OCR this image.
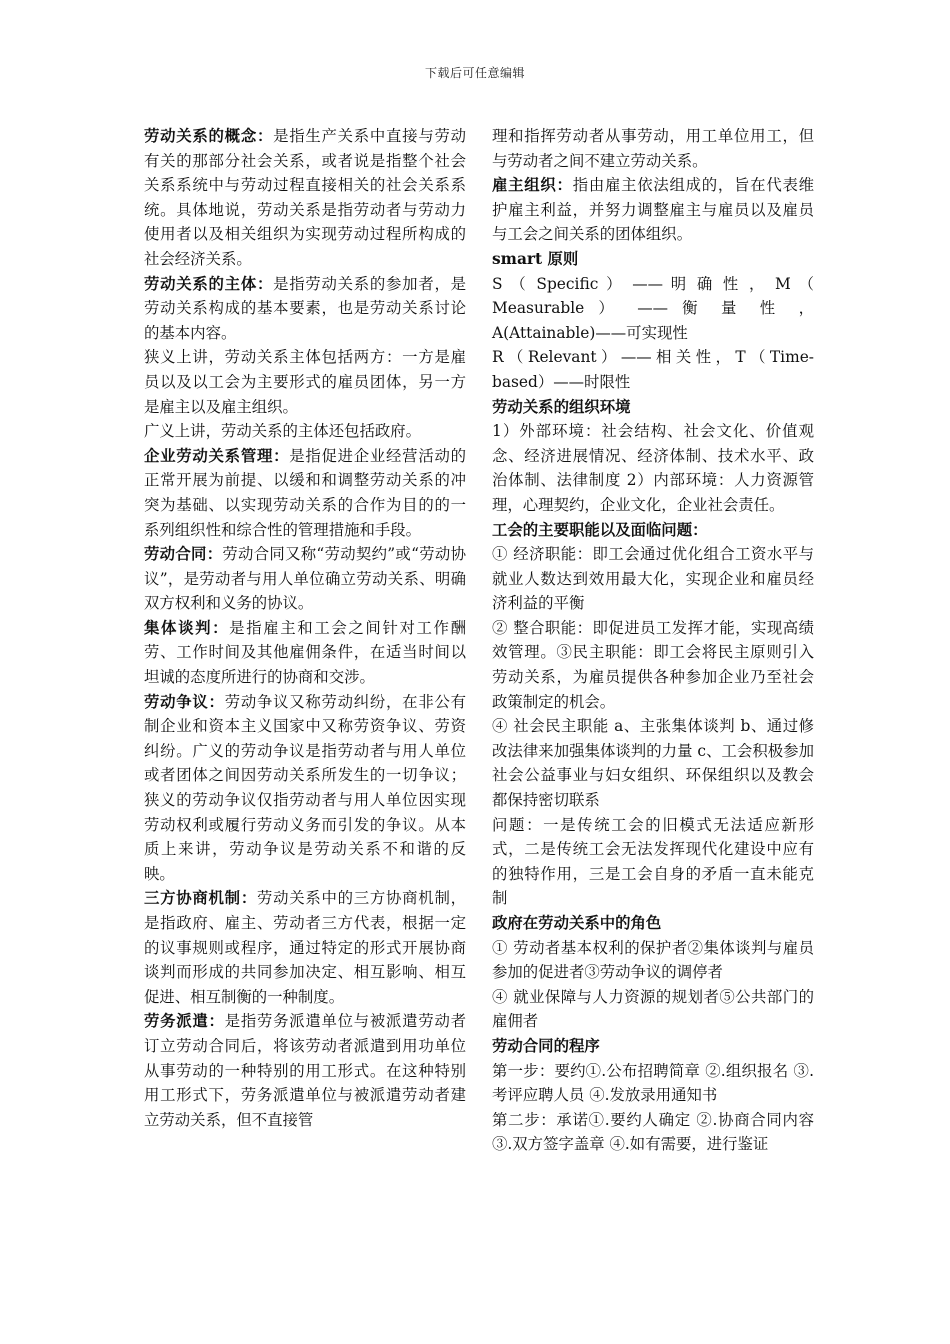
下载后可任意编辑

劳动关系的概念：是指生产关系中直接与劳动有关的那部分社会关系，或者说是指整个社会关系系统中与劳动过程直接相关的社会关系系统。具体地说，劳动关系是指劳动者与劳动力使用者以及相关组织为实现劳动过程所构成的社会经济关系。

劳动关系的主体：是指劳动关系的参加者，是劳动关系构成的基本要素，也是劳动关系讨论的基本内容。

狭义上讲，劳动关系主体包括两方：一方是雇员以及以工会为主要形式的雇员团体，另一方是雇主以及雇主组织。

广义上讲，劳动关系的主体还包括政府。

企业劳动关系管理：是指促进企业经营活动的正常开展为前提、以缓和和调整劳动关系的冲突为基础、以实现劳动关系的合作为目的的一系列组织性和综合性的管理措施和手段。

劳动合同：劳动合同又称“劳动契约”或“劳动协议”，是劳动者与用人单位确立劳动关系、明确双方权利和义务的协议。

集体谈判：是指雇主和工会之间针对工作酬劳、工作时间及其他雇佣条件，在适当时间以坦诚的态度所进行的协商和交涉。

劳动争议：劳动争议又称劳动纠纷，在非公有制企业和资本主义国家中又称劳资争议、劳资纠纷。广义的劳动争议是指劳动者与用人单位或者团体之间因劳动关系所发生的一切争议；狭义的劳动争议仅指劳动者与用人单位因实现劳动权利或履行劳动义务而引发的争议。从本质上来讲，劳动争议是劳动关系不和谐的反映。

三方协商机制：劳动关系中的三方协商机制，是指政府、雇主、劳动者三方代表，根据一定的议事规则或程序，通过特定的形式开展协商谈判而形成的共同参加决定、相互影响、相互促进、相互制衡的一种制度。

劳务派遣：是指劳务派遣单位与被派遣劳动者订立劳动合同后，将该劳动者派遣到用功单位从事劳动的一种特别的用工形式。在这种特别用工形式下，劳务派遣单位与被派遣劳动者建立劳动关系，但不直接管

理和指挥劳动者从事劳动，用工单位用工，但与劳动者之间不建立劳动关系。

雇主组织：指由雇主依法组成的，旨在代表维护雇主利益，并努力调整雇主与雇员以及雇员与工会之间关系的团体组织。

smart 原则

S （ Specific ） —— 明 确 性 ， M （ Measurable ） —— 衡 量 性 ， A(Attainable)——可实现性

R（Relevant）——相关性，T（Time-based）——时限性

劳动关系的组织环境

1）外部环境：社会结构、社会文化、价值观念、经济进展情况、经济体制、技术水平、政治体制、法律制度 2）内部环境：人力资源管理，心理契约，企业文化，企业社会责任。

工会的主要职能以及面临问题：

① 经济职能：即工会通过优化组合工资水平与就业人数达到效用最大化，实现企业和雇员经济利益的平衡

② 整合职能：即促进员工发挥才能，实现高绩效管理。③民主职能：即工会将民主原则引入劳动关系，为雇员提供各种参加企业乃至社会政策制定的机会。

④ 社会民主职能 a、主张集体谈判 b、通过修改法律来加强集体谈判的力量 c、工会积极参加社会公益事业与妇女组织、环保组织以及教会都保持密切联系

问题：一是传统工会的旧模式无法适应新形式，二是传统工会无法发挥现代化建设中应有的独特作用，三是工会自身的矛盾一直未能克制

政府在劳动关系中的角色

① 劳动者基本权利的保护者②集体谈判与雇员参加的促进者③劳动争议的调停者

④ 就业保障与人力资源的规划者⑤公共部门的雇佣者

劳动合同的程序

第一步：要约①.公布招聘简章 ②.组织报名 ③.考评应聘人员 ④.发放录用通知书

第二步：承诺①.要约人确定 ②.协商合同内容 ③.双方签字盖章 ④.如有需要，进行鉴证
